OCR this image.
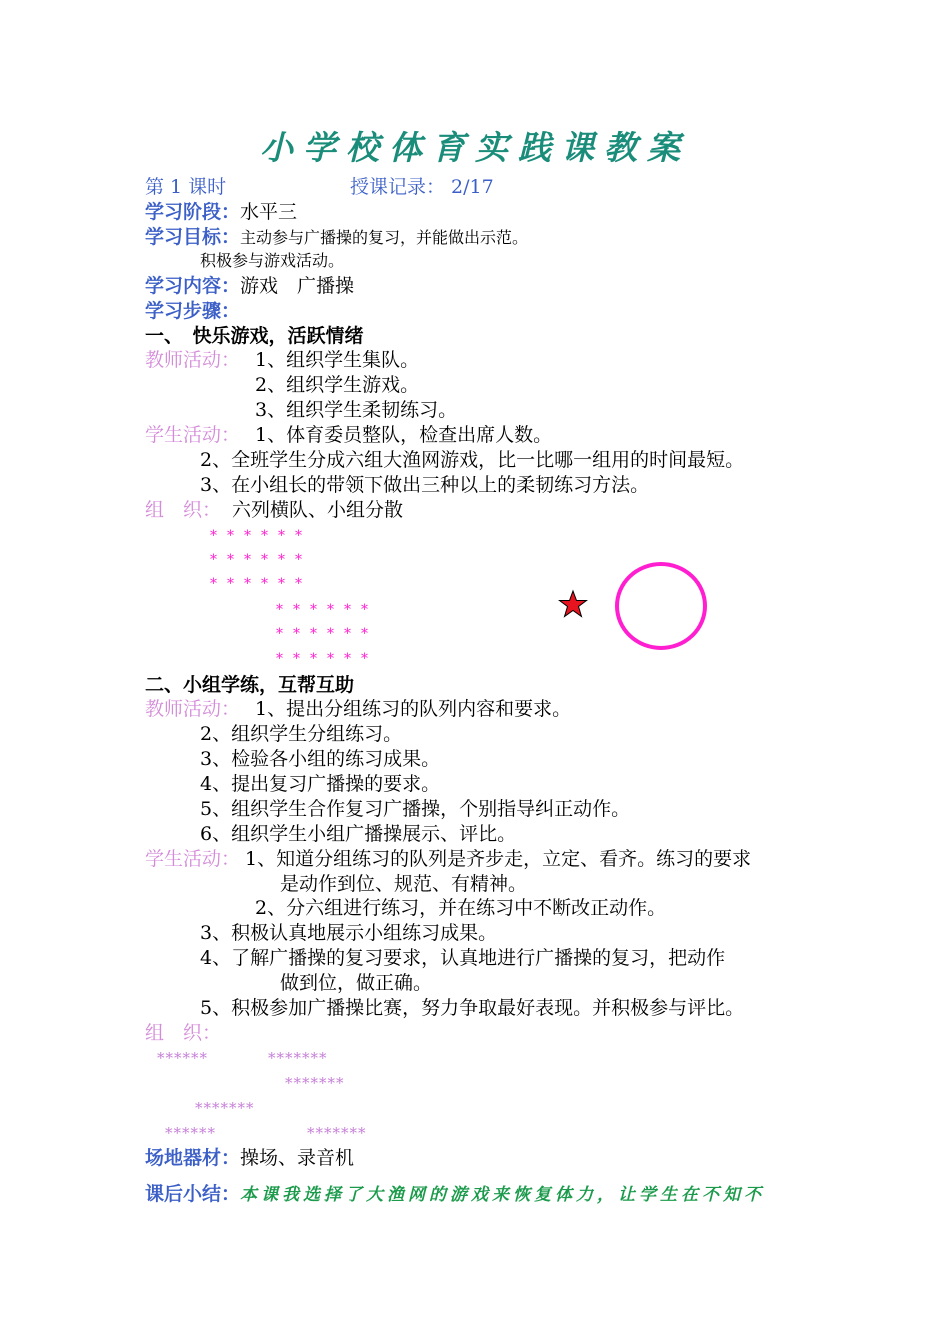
小学校体育实践课教案
第 1 课时	授课记录： 2/17
学习阶段：水平三
学习目标：主动参与广播操的复习，并能做出示范。
积极参与游戏活动。
学习内容：游戏　广播操
学习步骤：
一、　快乐游戏，活跃情绪
教师活动： 1、组织学生集队。
2、组织学生游戏。
3、组织学生柔韧练习。
学生活动： 1、体育委员整队，检查出席人数。
2、全班学生分成六组大渔网游戏，比一比哪一组用的时间最短。
3、在小组长的带领下做出三种以上的柔韧练习方法。
组　织： 六列横队、小组分散
******
******
******
******
******
******
二、小组学练，互帮互助
教师活动： 1、提出分组练习的队列内容和要求。
2、组织学生分组练习。
3、检验各小组的练习成果。
4、提出复习广播操的要求。
5、组织学生合作复习广播操，个别指导纠正动作。
6、组织学生小组广播操展示、评比。
学生活动： 1、知道分组练习的队列是齐步走，立定、看齐。练习的要求
是动作到位、规范、有精神。
2、分六组进行练习，并在练习中不断改正动作。
3、积极认真地展示小组练习成果。
4、了解广播操的复习要求，认真地进行广播操的复习，把动作
做到位，做正确。
5、积极参加广播操比赛，努力争取最好表现。并积极参与评比。
组　织：
******	*******
*******
*******
******	*******
场地器材：操场、录音机
课后小结：本课我选择了大渔网的游戏来恢复体力，让学生在不知不
